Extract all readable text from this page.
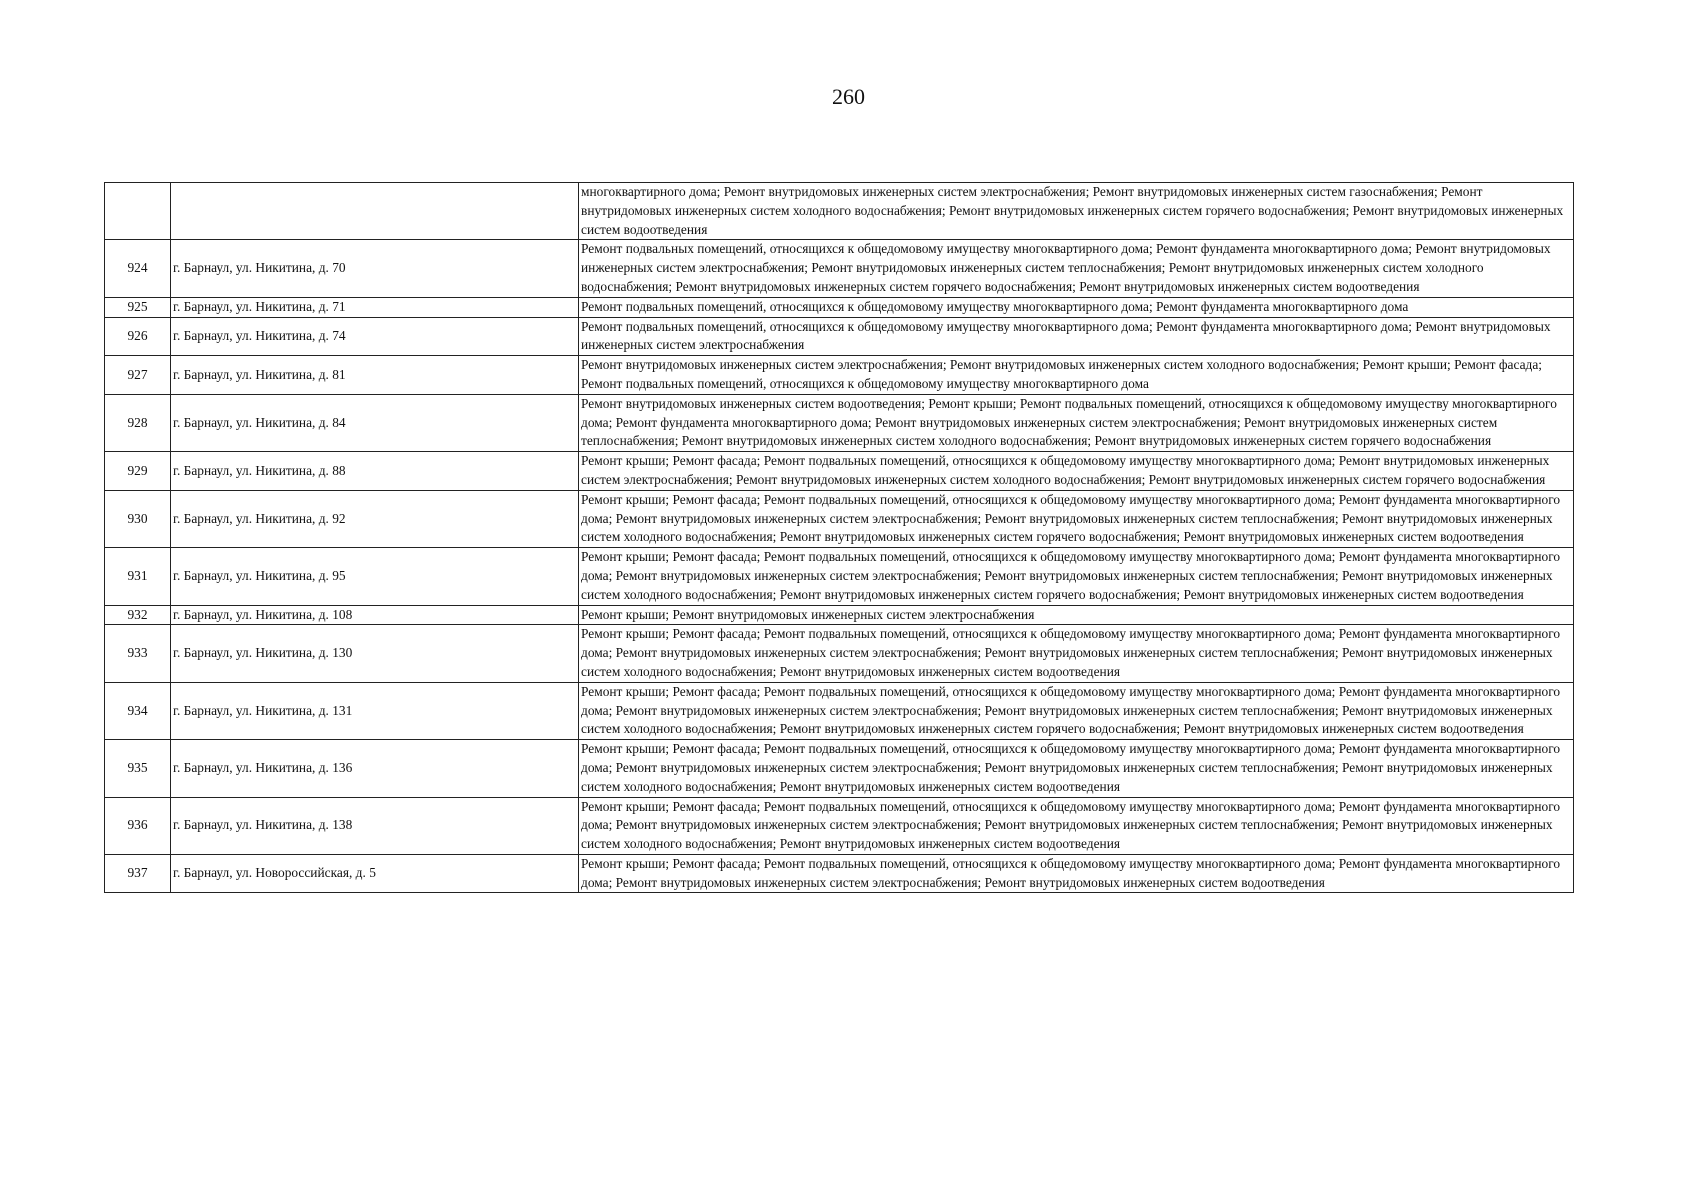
260
		многоквартирного дома; Ремонт внутридомовых инженерных систем электроснабжения; Ремонт внутридомовых инженерных систем газоснабжения; Ремонт внутридомовых инженерных систем холодного водоснабжения; Ремонт внутридомовых инженерных систем горячего водоснабжения; Ремонт внутридомовых инженерных систем водоотведения
924	г. Барнаул, ул. Никитина, д. 70	Ремонт подвальных помещений, относящихся к общедомовому имуществу многоквартирного дома; Ремонт фундамента многоквартирного дома; Ремонт внутридомовых инженерных систем электроснабжения; Ремонт внутридомовых инженерных систем теплоснабжения; Ремонт внутридомовых инженерных систем холодного водоснабжения; Ремонт внутридомовых инженерных систем горячего водоснабжения; Ремонт внутридомовых инженерных систем водоотведения
925	г. Барнаул, ул. Никитина, д. 71	Ремонт подвальных помещений, относящихся к общедомовому имуществу многоквартирного дома; Ремонт фундамента многоквартирного дома
926	г. Барнаул, ул. Никитина, д. 74	Ремонт подвальных помещений, относящихся к общедомовому имуществу многоквартирного дома; Ремонт фундамента многоквартирного дома; Ремонт внутридомовых инженерных систем электроснабжения
927	г. Барнаул, ул. Никитина, д. 81	Ремонт внутридомовых инженерных систем электроснабжения; Ремонт внутридомовых инженерных систем холодного водоснабжения; Ремонт крыши; Ремонт фасада; Ремонт подвальных помещений, относящихся к общедомовому имуществу многоквартирного дома
928	г. Барнаул, ул. Никитина, д. 84	Ремонт внутридомовых инженерных систем водоотведения; Ремонт крыши; Ремонт подвальных помещений, относящихся к общедомовому имуществу многоквартирного дома; Ремонт фундамента многоквартирного дома; Ремонт внутридомовых инженерных систем электроснабжения; Ремонт внутридомовых инженерных систем теплоснабжения; Ремонт внутридомовых инженерных систем холодного водоснабжения; Ремонт внутридомовых инженерных систем горячего водоснабжения
929	г. Барнаул, ул. Никитина, д. 88	Ремонт крыши; Ремонт фасада; Ремонт подвальных помещений, относящихся к общедомовому имуществу многоквартирного дома; Ремонт внутридомовых инженерных систем электроснабжения; Ремонт внутридомовых инженерных систем холодного водоснабжения; Ремонт внутридомовых инженерных систем горячего водоснабжения
930	г. Барнаул, ул. Никитина, д. 92	Ремонт крыши; Ремонт фасада; Ремонт подвальных помещений, относящихся к общедомовому имуществу многоквартирного дома; Ремонт фундамента многоквартирного дома; Ремонт внутридомовых инженерных систем электроснабжения; Ремонт внутридомовых инженерных систем теплоснабжения; Ремонт внутридомовых инженерных систем холодного водоснабжения; Ремонт внутридомовых инженерных систем горячего водоснабжения; Ремонт внутридомовых инженерных систем водоотведения
931	г. Барнаул, ул. Никитина, д. 95	Ремонт крыши; Ремонт фасада; Ремонт подвальных помещений, относящихся к общедомовому имуществу многоквартирного дома; Ремонт фундамента многоквартирного дома; Ремонт внутридомовых инженерных систем электроснабжения; Ремонт внутридомовых инженерных систем теплоснабжения; Ремонт внутридомовых инженерных систем холодного водоснабжения; Ремонт внутридомовых инженерных систем горячего водоснабжения; Ремонт внутридомовых инженерных систем водоотведения
932	г. Барнаул, ул. Никитина, д. 108	Ремонт крыши; Ремонт внутридомовых инженерных систем электроснабжения
933	г. Барнаул, ул. Никитина, д. 130	Ремонт крыши; Ремонт фасада; Ремонт подвальных помещений, относящихся к общедомовому имуществу многоквартирного дома; Ремонт фундамента многоквартирного дома; Ремонт внутридомовых инженерных систем электроснабжения; Ремонт внутридомовых инженерных систем теплоснабжения; Ремонт внутридомовых инженерных систем холодного водоснабжения; Ремонт внутридомовых инженерных систем водоотведения
934	г. Барнаул, ул. Никитина, д. 131	Ремонт крыши; Ремонт фасада; Ремонт подвальных помещений, относящихся к общедомовому имуществу многоквартирного дома; Ремонт фундамента многоквартирного дома; Ремонт внутридомовых инженерных систем электроснабжения; Ремонт внутридомовых инженерных систем теплоснабжения; Ремонт внутридомовых инженерных систем холодного водоснабжения; Ремонт внутридомовых инженерных систем горячего водоснабжения; Ремонт внутридомовых инженерных систем водоотведения
935	г. Барнаул, ул. Никитина, д. 136	Ремонт крыши; Ремонт фасада; Ремонт подвальных помещений, относящихся к общедомовому имуществу многоквартирного дома; Ремонт фундамента многоквартирного дома; Ремонт внутридомовых инженерных систем электроснабжения; Ремонт внутридомовых инженерных систем теплоснабжения; Ремонт внутридомовых инженерных систем холодного водоснабжения; Ремонт внутридомовых инженерных систем водоотведения
936	г. Барнаул, ул. Никитина, д. 138	Ремонт крыши; Ремонт фасада; Ремонт подвальных помещений, относящихся к общедомовому имуществу многоквартирного дома; Ремонт фундамента многоквартирного дома; Ремонт внутридомовых инженерных систем электроснабжения; Ремонт внутридомовых инженерных систем теплоснабжения; Ремонт внутридомовых инженерных систем холодного водоснабжения; Ремонт внутридомовых инженерных систем водоотведения
937	г. Барнаул, ул. Новороссийская, д. 5	Ремонт крыши; Ремонт фасада; Ремонт подвальных помещений, относящихся к общедомовому имуществу многоквартирного дома; Ремонт фундамента многоквартирного дома; Ремонт внутридомовых инженерных систем электроснабжения; Ремонт внутридомовых инженерных систем водоотведения
